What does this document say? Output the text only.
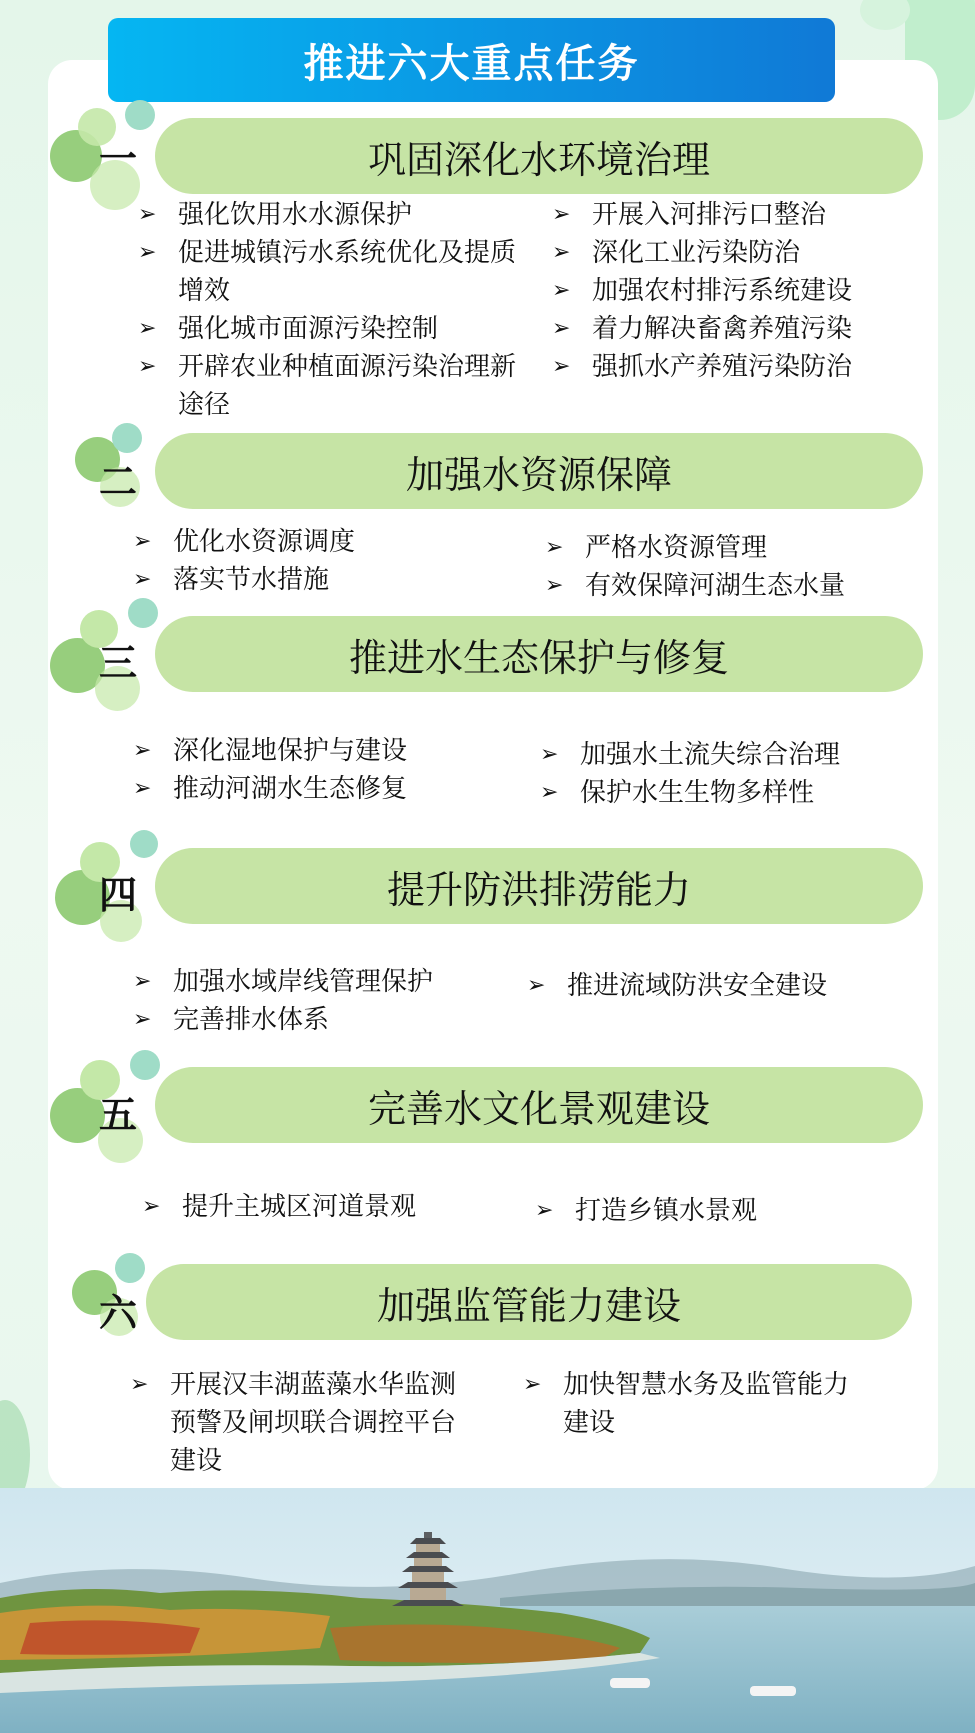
推进六大重点任务
一	巩固深化水环境治理
➢ 强化饮用水水源保护
➢ 促进城镇污水系统优化及提质增效
➢ 强化城市面源污染控制
➢ 开辟农业种植面源污染治理新途径
➢ 开展入河排污口整治
➢ 深化工业污染防治
➢ 加强农村排污系统建设
➢ 着力解决畜禽养殖污染
➢ 强抓水产养殖污染防治
二	加强水资源保障
➢ 优化水资源调度
➢ 落实节水措施
➢ 严格水资源管理
➢ 有效保障河湖生态水量
三	推进水生态保护与修复
➢ 深化湿地保护与建设
➢ 推动河湖水生态修复
➢ 加强水土流失综合治理
➢ 保护水生生物多样性
四	提升防洪排涝能力
➢ 加强水域岸线管理保护
➢ 完善排水体系
➢ 推进流域防洪安全建设
五	完善水文化景观建设
➢ 提升主城区河道景观	➢ 打造乡镇水景观
六	加强监管能力建设
➢ 开展汉丰湖蓝藻水华监测预警及闸坝联合调控平台建设
➢ 加快智慧水务及监管能力建设
